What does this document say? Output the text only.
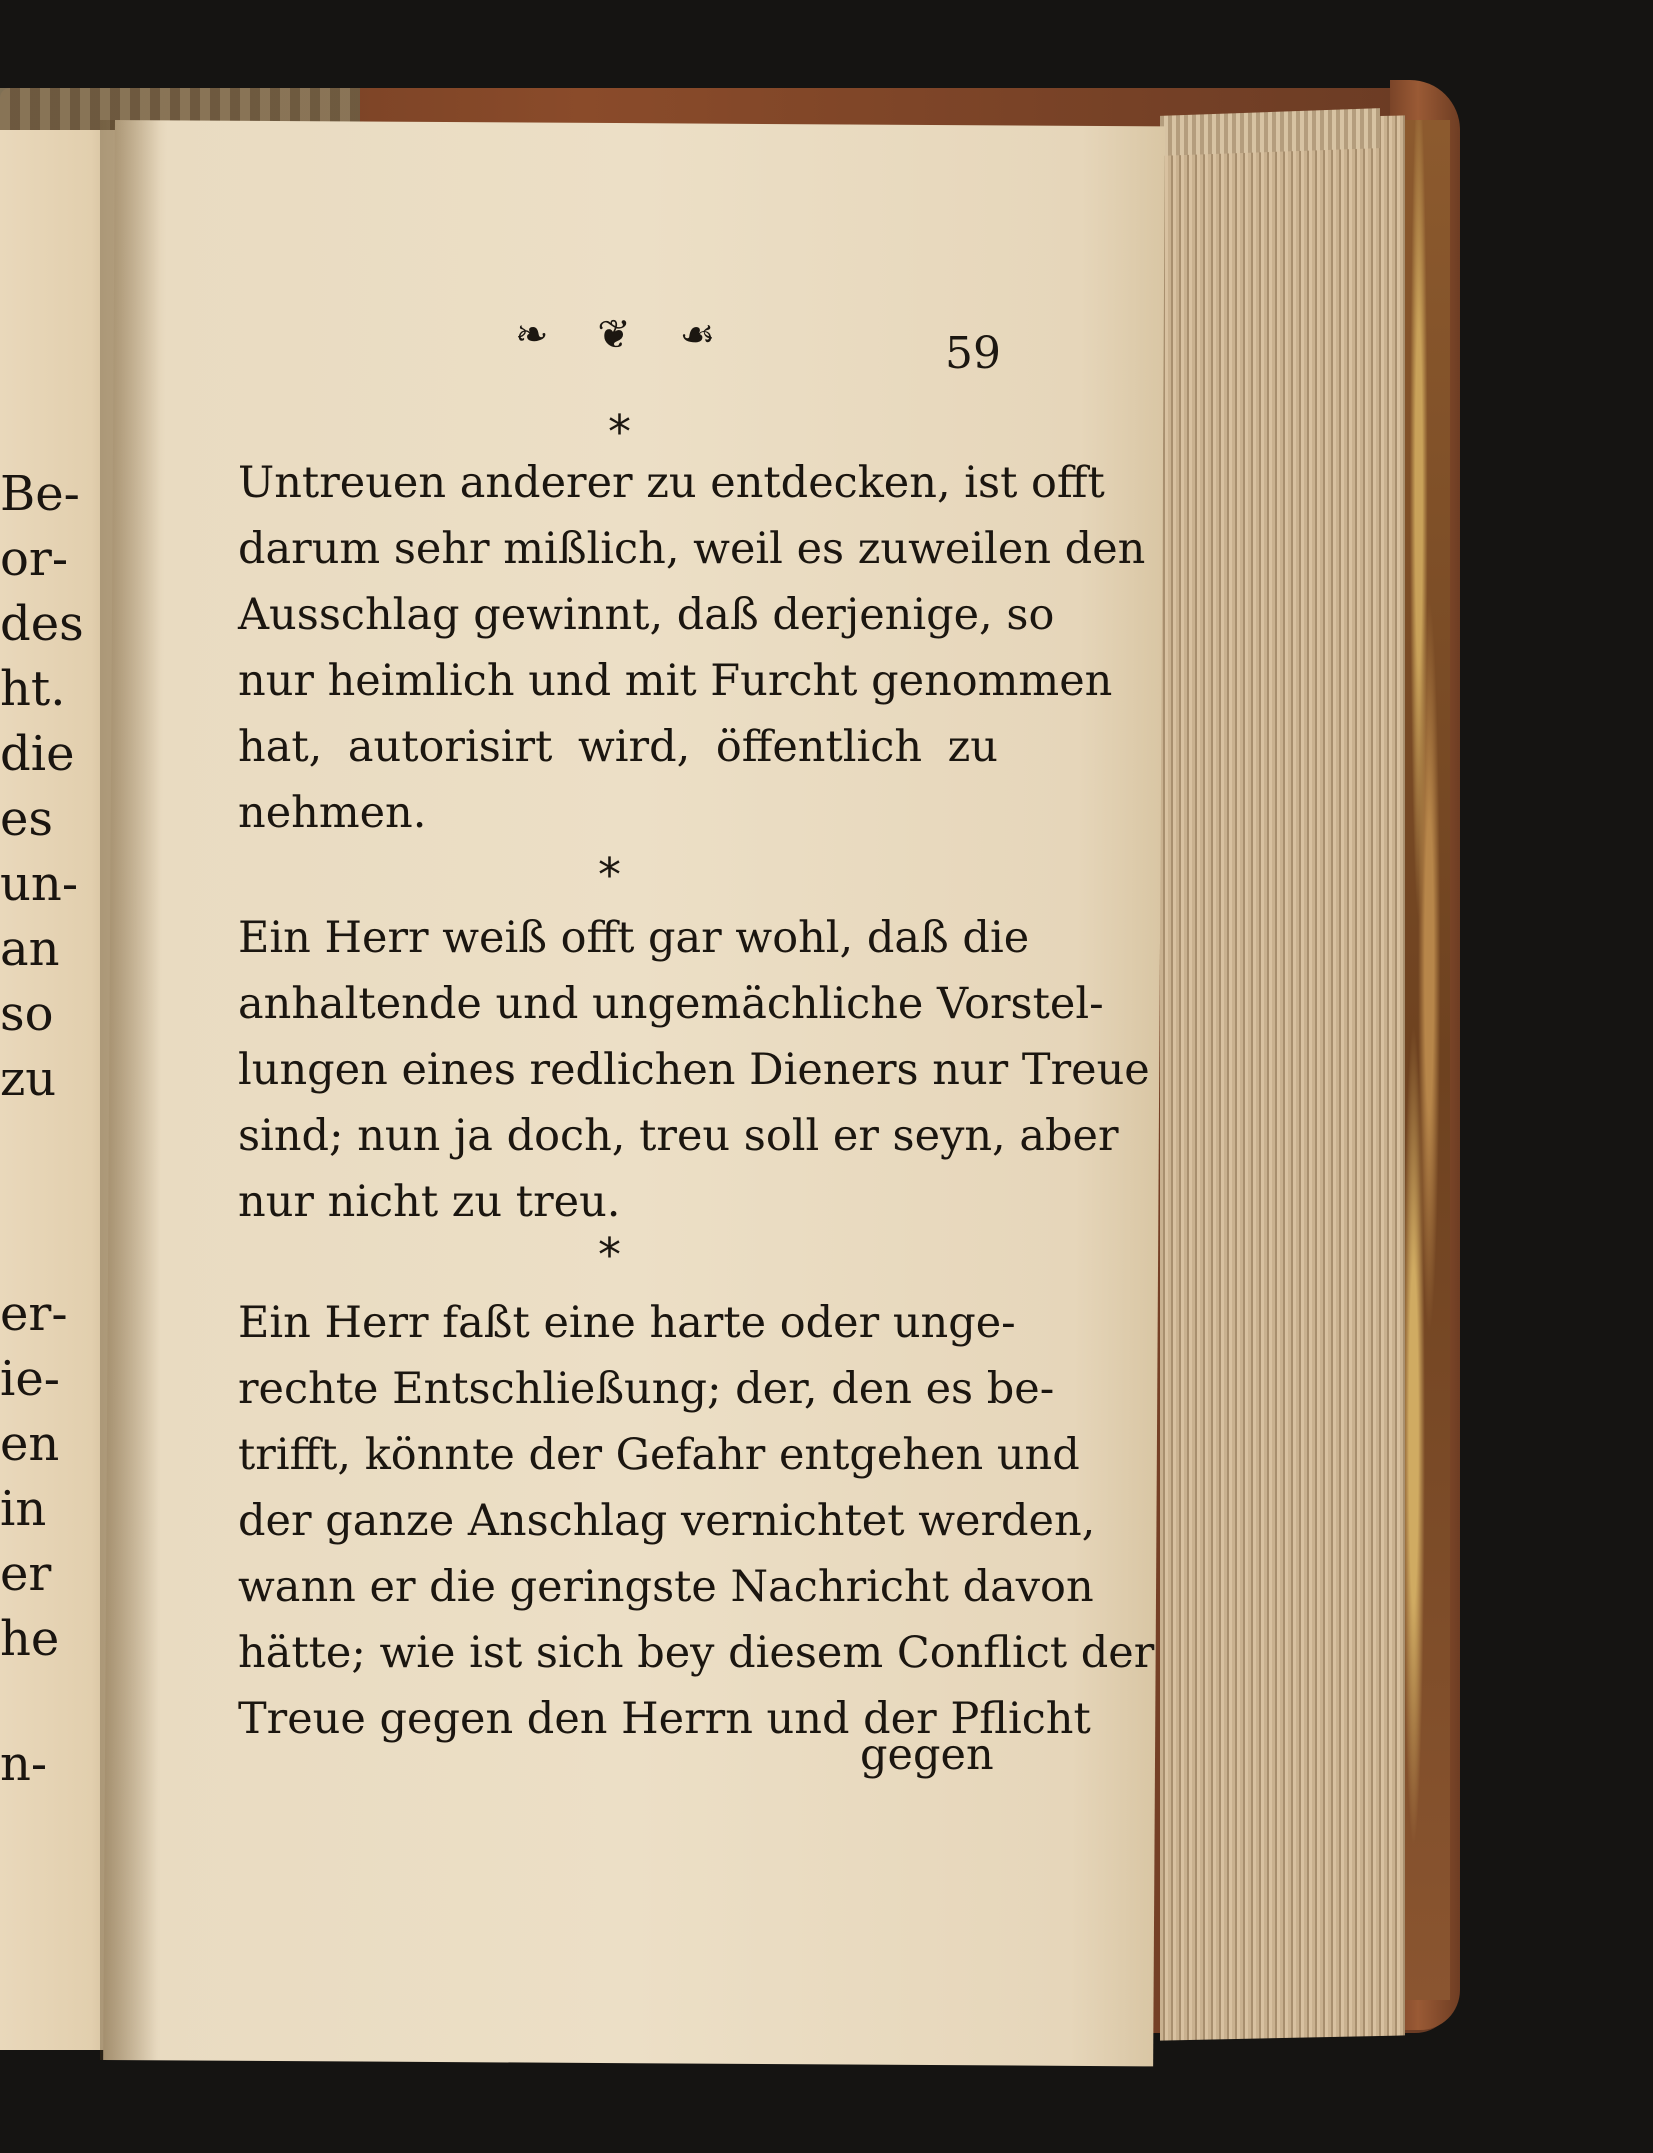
Be-
or-
des
ht.
die
es
un-
an
so
zu
er-
ie-
en
in
er
he
n-
❧ ❦ ☙	59
*
Untreuen anderer zu entdecken, ist offt
darum sehr mißlich, weil es zuweilen den
Ausschlag gewinnt, daß derjenige, so
nur heimlich und mit Furcht genommen
hat, autorisirt wird, öffentlich zu
nehmen.
*
Ein Herr weiß offt gar wohl, daß die
anhaltende und ungemächliche Vorstel-
lungen eines redlichen Dieners nur Treue
sind; nun ja doch, treu soll er seyn, aber
nur nicht zu treu.
*
Ein Herr faßt eine harte oder unge-
rechte Entschließung; der, den es be-
trifft, könnte der Gefahr entgehen und
der ganze Anschlag vernichtet werden,
wann er die geringste Nachricht davon
hätte; wie ist sich bey diesem Conflict der
Treue gegen den Herrn und der Pflicht
gegen
